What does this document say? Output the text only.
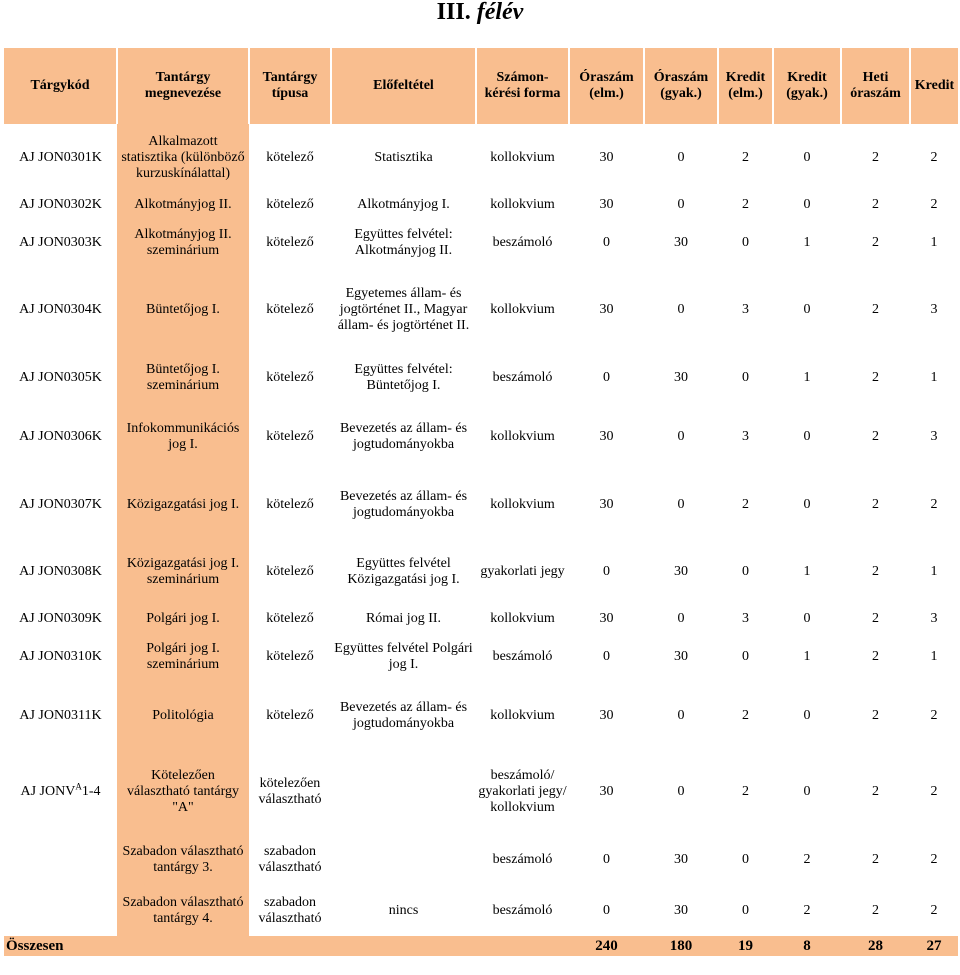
III. félév
Tárgykód	Tantárgy megnevezése	Tantárgy típusa	Előfeltétel	Számon-kérési forma	Óraszám (elm.)	Óraszám (gyak.)	Kredit (elm.)	Kredit (gyak.)	Heti óraszám	Kredit
AJ JON0301K	Alkalmazott statisztika (különböző kurzuskínálattal)	kötelező	Statisztika	kollokvium	30	0	2	0	2	2
AJ JON0302K	Alkotmányjog II.	kötelező	Alkotmányjog I.	kollokvium	30	0	2	0	2	2
AJ JON0303K	Alkotmányjog II. szeminárium	kötelező	Együttes felvétel: Alkotmányjog II.	beszámoló	0	30	0	1	2	1
AJ JON0304K	Büntetőjog I.	kötelező	Egyetemes állam- és jogtörténet II., Magyar állam- és jogtörténet II.	kollokvium	30	0	3	0	2	3
AJ JON0305K	Büntetőjog I. szeminárium	kötelező	Együttes felvétel: Büntetőjog I.	beszámoló	0	30	0	1	2	1
AJ JON0306K	Infokommunikációs jog I.	kötelező	Bevezetés az állam- és jogtudományokba	kollokvium	30	0	3	0	2	3
AJ JON0307K	Közigazgatási jog I.	kötelező	Bevezetés az állam- és jogtudományokba	kollokvium	30	0	2	0	2	2
AJ JON0308K	Közigazgatási jog I. szeminárium	kötelező	Együttes felvétel Közigazgatási jog I.	gyakorlati jegy	0	30	0	1	2	1
AJ JON0309K	Polgári jog I.	kötelező	Római jog II.	kollokvium	30	0	3	0	2	3
AJ JON0310K	Polgári jog I. szeminárium	kötelező	Együttes felvétel Polgári jog I.	beszámoló	0	30	0	1	2	1
AJ JON0311K	Politológia	kötelező	Bevezetés az állam- és jogtudományokba	kollokvium	30	0	2	0	2	2
AJ $JONV^A1-4$	Kötelezően választható tantárgy "A"	kötelezően választható		beszámoló/ gyakorlati jegy/ kollokvium	30	0	2	0	2	2
	Szabadon választható tantárgy 3.	szabadon választható		beszámoló	0	30	0	2	2	2
	Szabadon választható tantárgy 4.	szabadon választható	nincs	beszámoló	0	30	0	2	2	2
Összesen					240	180	19	8	28	27
